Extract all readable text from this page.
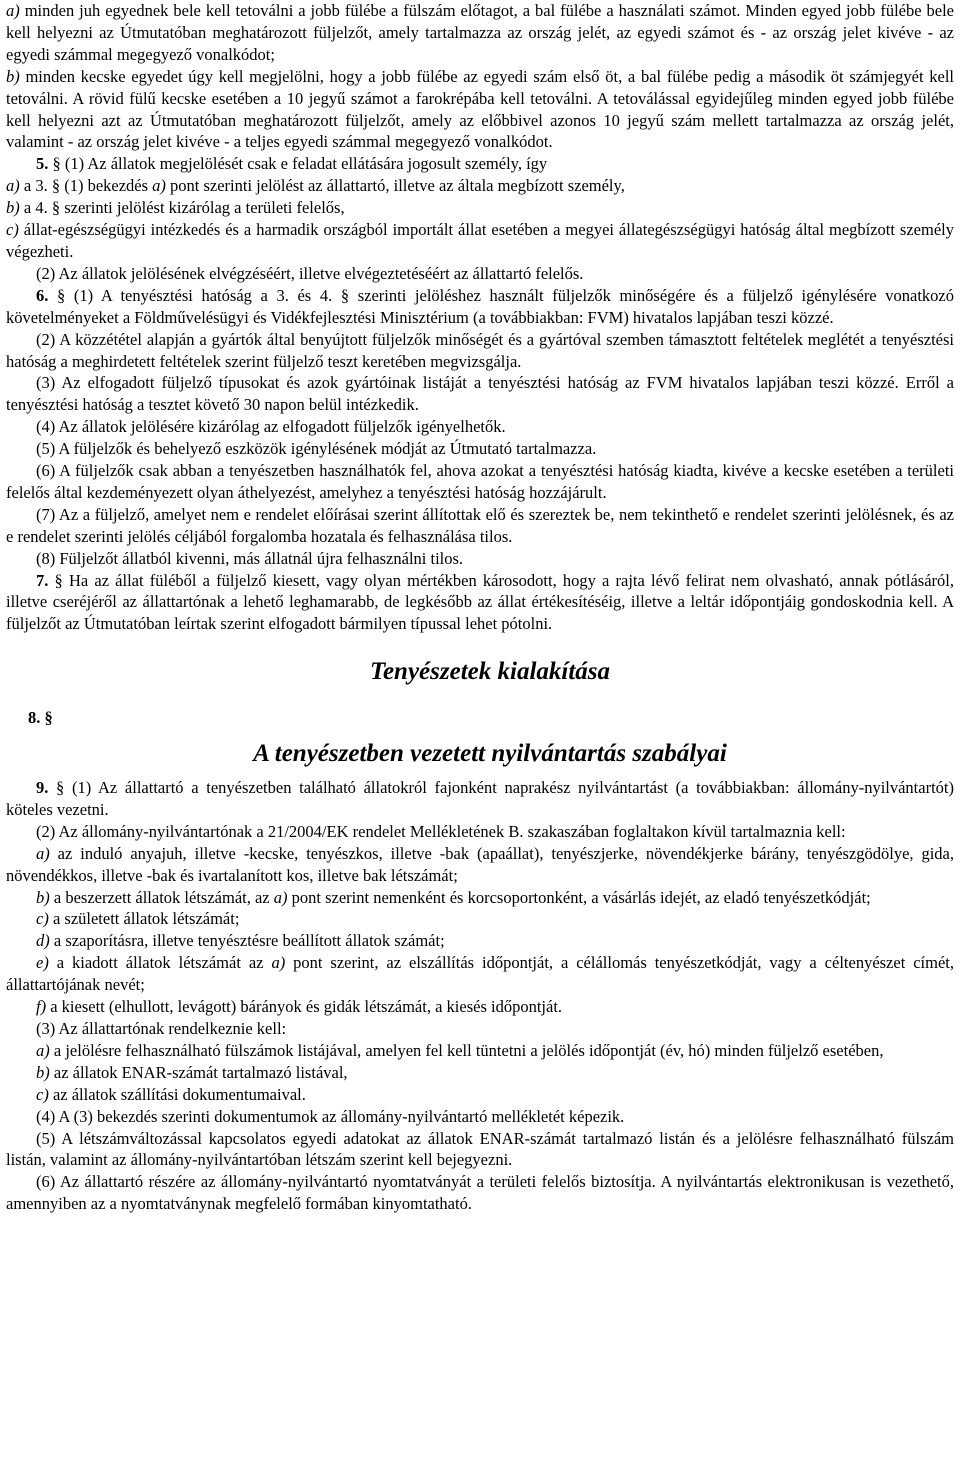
a) minden juh egyednek bele kell tetoválni a jobb fülébe a fülszám előtagot, a bal fülébe a használati számot. Minden egyed jobb fülébe bele kell helyezni az Útmutatóban meghatározott füljelzőt, amely tartalmazza az ország jelét, az egyedi számot és - az ország jelet kivéve - az egyedi számmal megegyező vonalkódot;

b) minden kecske egyedet úgy kell megjelölni, hogy a jobb fülébe az egyedi szám első öt, a bal fülébe pedig a második öt számjegyét kell tetoválni. A rövid fülű kecske esetében a 10 jegyű számot a farokrépába kell tetoválni. A tetoválással egyidejűleg minden egyed jobb fülébe kell helyezni azt az Útmutatóban meghatározott füljelzőt, amely az előbbivel azonos 10 jegyű szám mellett tartalmazza az ország jelét, valamint - az ország jelet kivéve - a teljes egyedi számmal megegyező vonalkódot.

5. § (1) Az állatok megjelölését csak e feladat ellátására jogosult személy, így

a) a 3. § (1) bekezdés a) pont szerinti jelölést az állattartó, illetve az általa megbízott személy,

b) a 4. § szerinti jelölést kizárólag a területi felelős,

c) állat-egészségügyi intézkedés és a harmadik országból importált állat esetében a megyei állategészségügyi hatóság által megbízott személy végezheti.

(2) Az állatok jelölésének elvégzéséért, illetve elvégeztetéséért az állattartó felelős.

6. § (1) A tenyésztési hatóság a 3. és 4. § szerinti jelöléshez használt füljelzők minőségére és a füljelző igénylésére vonatkozó követelményeket a Földművelésügyi és Vidékfejlesztési Minisztérium (a továbbiakban: FVM) hivatalos lapjában teszi közzé.

(2) A közzététel alapján a gyártók által benyújtott füljelzők minőségét és a gyártóval szemben támasztott feltételek meglétét a tenyésztési hatóság a meghirdetett feltételek szerint füljelző teszt keretében megvizsgálja.

(3) Az elfogadott füljelző típusokat és azok gyártóinak listáját a tenyésztési hatóság az FVM hivatalos lapjában teszi közzé. Erről a tenyésztési hatóság a tesztet követő 30 napon belül intézkedik.

(4) Az állatok jelölésére kizárólag az elfogadott füljelzők igényelhetők.

(5) A füljelzők és behelyező eszközök igénylésének módját az Útmutató tartalmazza.

(6) A füljelzők csak abban a tenyészetben használhatók fel, ahova azokat a tenyésztési hatóság kiadta, kivéve a kecske esetében a területi felelős által kezdeményezett olyan áthelyezést, amelyhez a tenyésztési hatóság hozzájárult.

(7) Az a füljelző, amelyet nem e rendelet előírásai szerint állítottak elő és szereztek be, nem tekinthető e rendelet szerinti jelölésnek, és az e rendelet szerinti jelölés céljából forgalomba hozatala és felhasználása tilos.

(8) Füljelzőt állatból kivenni, más állatnál újra felhasználni tilos.

7. § Ha az állat füléből a füljelző kiesett, vagy olyan mértékben károsodott, hogy a rajta lévő felirat nem olvasható, annak pótlásáról, illetve cseréjéről az állattartónak a lehető leghamarabb, de legkésőbb az állat értékesítéséig, illetve a leltár időpontjáig gondoskodnia kell. A füljelzőt az Útmutatóban leírtak szerint elfogadott bármilyen típussal lehet pótolni.

Tenyészetek kialakítása

8. §

A tenyészetben vezetett nyilvántartás szabályai

9. § (1) Az állattartó a tenyészetben található állatokról fajonként naprakész nyilvántartást (a továbbiakban: állomány-nyilvántartót) köteles vezetni.

(2) Az állomány-nyilvántartónak a 21/2004/EK rendelet Mellékletének B. szakaszában foglaltakon kívül tartalmaznia kell:

a) az induló anyajuh, illetve -kecske, tenyészkos, illetve -bak (apaállat), tenyészjerke, növendékjerke bárány, tenyészgödölye, gida, növendékkos, illetve -bak és ivartalanított kos, illetve bak létszámát;

b) a beszerzett állatok létszámát, az a) pont szerint nemenként és korcsoportonként, a vásárlás idejét, az eladó tenyészetkódját;

c) a született állatok létszámát;

d) a szaporításra, illetve tenyésztésre beállított állatok számát;

e) a kiadott állatok létszámát az a) pont szerint, az elszállítás időpontját, a célállomás tenyészetkódját, vagy a céltenyészet címét, állattartójának nevét;

f) a kiesett (elhullott, levágott) bárányok és gidák létszámát, a kiesés időpontját.

(3) Az állattartónak rendelkeznie kell:

a) a jelölésre felhasználható fülszámok listájával, amelyen fel kell tüntetni a jelölés időpontját (év, hó) minden füljelző esetében,

b) az állatok ENAR-számát tartalmazó listával,

c) az állatok szállítási dokumentumaival.

(4) A (3) bekezdés szerinti dokumentumok az állomány-nyilvántartó mellékletét képezik.

(5) A létszámváltozással kapcsolatos egyedi adatokat az állatok ENAR-számát tartalmazó listán és a jelölésre felhasználható fülszám listán, valamint az állomány-nyilvántartóban létszám szerint kell bejegyezni.

(6) Az állattartó részére az állomány-nyilvántartó nyomtatványát a területi felelős biztosítja. A nyilvántartás elektronikusan is vezethető, amennyiben az a nyomtatványnak megfelelő formában kinyomtatható.
